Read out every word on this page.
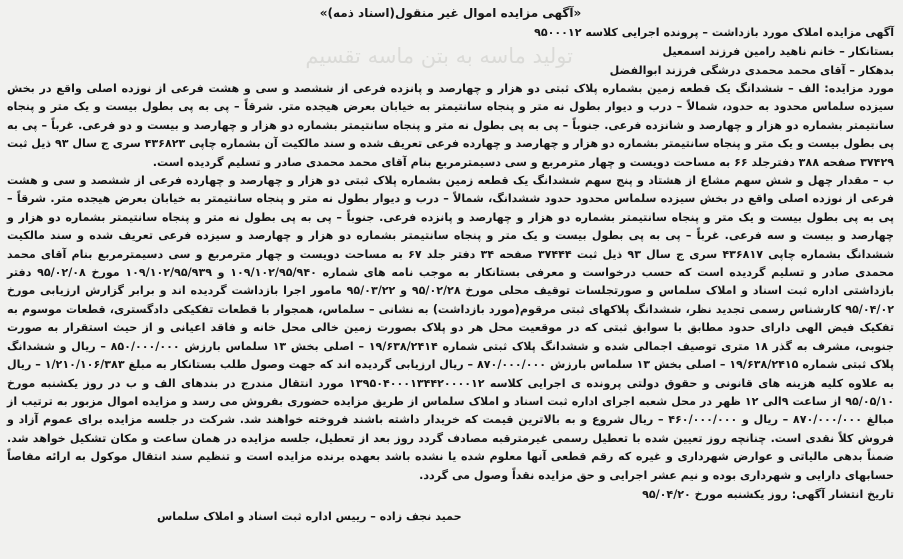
تولید ماسه به بتن ماسه تقسیم

«آگهی مزایده اموال غیر منقول(اسناد ذمه)»

آگهی مزایده املاک مورد بازداشت – پرونده اجرایی کلاسه ۹۵۰۰۰۱۲

بستانکار – خانم ناهید رامین فرزند اسمعیل

بدهکار – آقای محمد محمدی درشگی فرزند ابوالفضل

مورد مزایده: الف – ششدانگ یک قطعه زمین بشماره پلاک ثبتی دو هزار و چهارصد و پانزده فرعی از ششصد و سی و هشت فرعی از نوزده اصلی واقع در بخش سیزده سلماس محدود به حدود، شمالاً – درب و دیوار بطول نه متر و پنجاه سانتیمتر به خیابان بعرض هیجده متر. شرقاً – پی به پی بطول بیست و یک متر و پنجاه سانتیمتر بشماره دو هزار و چهارصد و شانزده فرعی. جنوباً – پی به پی بطول نه متر و پنجاه سانتیمتر بشماره دو هزار و چهارصد و بیست و دو فرعی. غرباً – پی به پی بطول بیست و یک متر و پنجاه سانتیمتر بشماره دو هزار و چهارصد و چهارده فرعی تعریف شده و سند مالکیت آن بشماره چاپی ۴۳۶۸۲۳ سری ج سال ۹۳ ذیل ثبت ۳۷۴۲۹ صفحه ۳۸۸ دفترجلد ۶۶ به مساحت دویست و چهار مترمربع و سی دسیمترمربع بنام آقای محمد محمدی صادر و تسلیم گردیده است.

ب – مقدار چهل و شش سهم مشاع از هشتاد و پنج سهم ششدانگ یک قطعه زمین بشماره پلاک ثبتی دو هزار و چهارصد و چهارده فرعی از ششصد و سی و هشت فرعی از نوزده اصلی واقع در بخش سیزده سلماس محدود حدود ششدانگ، شمالاً – درب و دیوار بطول نه متر و پنجاه سانتیمتر به خیابان بعرض هیجده متر. شرقاً – پی به پی بطول بیست و یک متر و پنجاه سانتیمتر بشماره دو هزار و چهارصد و پانزده فرعی. جنوباً – پی به پی بطول نه متر و پنجاه سانتیمتر بشماره دو هزار و چهارصد و بیست و سه فرعی. غرباً – پی به پی بطول بیست و یک متر و پنجاه سانتیمتر بشماره دو هزار و چهارصد و سیزده فرعی تعریف شده و سند مالکیت ششدانگ بشماره چاپی ۴۳۶۸۱۷ سری ج سال ۹۳ ذیل ثبت ۳۷۴۴۴ صفحه ۳۴ دفتر جلد ۶۷ به مساحت دویست و چهار مترمربع و سی دسیمترمربع بنام آقای محمد محمدی صادر و تسلیم گردیده است که حسب درخواست و معرفی بستانکار به موجب نامه های شماره ۱۰۹/۱۰۲/۹۵/۹۴۰ و ۱۰۹/۱۰۲/۹۵/۹۳۹ مورخ ۹۵/۰۲/۰۸ دفتر بازداشتی اداره ثبت اسناد و املاک سلماس و صورتجلسات توقیف محلی مورخ ۹۵/۰۲/۲۸ و ۹۵/۰۳/۲۲ مامور اجرا بازداشت گردیده اند و برابر گزارش ارزیابی مورخ ۹۵/۰۴/۰۲ کارشناس رسمی تجدید نظر، ششدانگ پلاکهای ثبتی مرقوم(مورد بازداشت) به نشانی – سلماس، همجوار با قطعات تفکیکی دادگستری، قطعات موسوم به تفکیک فیض الهی دارای حدود مطابق با سوابق ثبتی که در موقعیت محل هر دو پلاک بصورت زمین خالی محل خانه و فاقد اعیانی و از حیث استقرار به صورت جنوبی، مشرف به گذر ۱۸ متری توصیف اجمالی شده و ششدانگ پلاک ثبتی شماره ۱۹/۶۳۸/۲۴۱۴ – اصلی بخش ۱۳ سلماس بارزش ۸۵۰/۰۰۰/۰۰۰ – ریال و ششدانگ پلاک ثبتی شماره ۱۹/۶۳۸/۲۴۱۵ – اصلی بخش ۱۳ سلماس بارزش ۸۷۰/۰۰۰/۰۰۰ – ریال ارزیابی گردیده اند که جهت وصول طلب بستانکار به مبلغ ۱/۲۱۰/۱۰۶/۳۸۳ – ریال به علاوه کلیه هزینه های قانونی و حقوق دولتی پرونده ی اجرایی کلاسه ۱۳۹۵۰۴۰۰۰۱۳۴۴۲۰۰۰۰۱۲ مورد انتقال مندرج در بندهای الف و ب در روز یکشنبه مورخ ۹۵/۰۵/۱۰ از ساعت ۹الی ۱۲ ظهر در محل شعبه اجرای اداره ثبت اسناد و املاک سلماس از طریق مزایده حضوری بفروش می رسد و مزایده اموال مزبور به ترتیب از مبالغ ۸۷۰/۰۰۰/۰۰۰ – ریال و ۴۶۰/۰۰۰/۰۰۰ – ریال شروع و به بالاترین قیمت که خریدار داشته باشند فروخته خواهند شد. شرکت در جلسه مزایده برای عموم آزاد و فروش کلاً نقدی است. چنانچه روز تعیین شده با تعطیل رسمی غیرمترقبه مصادف گردد روز بعد از تعطیل، جلسه مزایده در همان ساعت و مکان تشکیل خواهد شد. ضمناً بدهی مالیاتی و عوارض شهرداری و غیره که رقم قطعی آنها معلوم شده یا نشده باشد بعهده برنده مزایده است و تنظیم سند انتقال موکول به ارائه مفاصاً حسابهای دارایی و شهرداری بوده و نیم عشر اجرایی و حق مزایده نقداً وصول می گردد.

تاریخ انتشار آگهی: روز یکشنبه مورخ ۹۵/۰۴/۲۰

حمید نجف زاده – رییس اداره ثبت اسناد و املاک سلماس
